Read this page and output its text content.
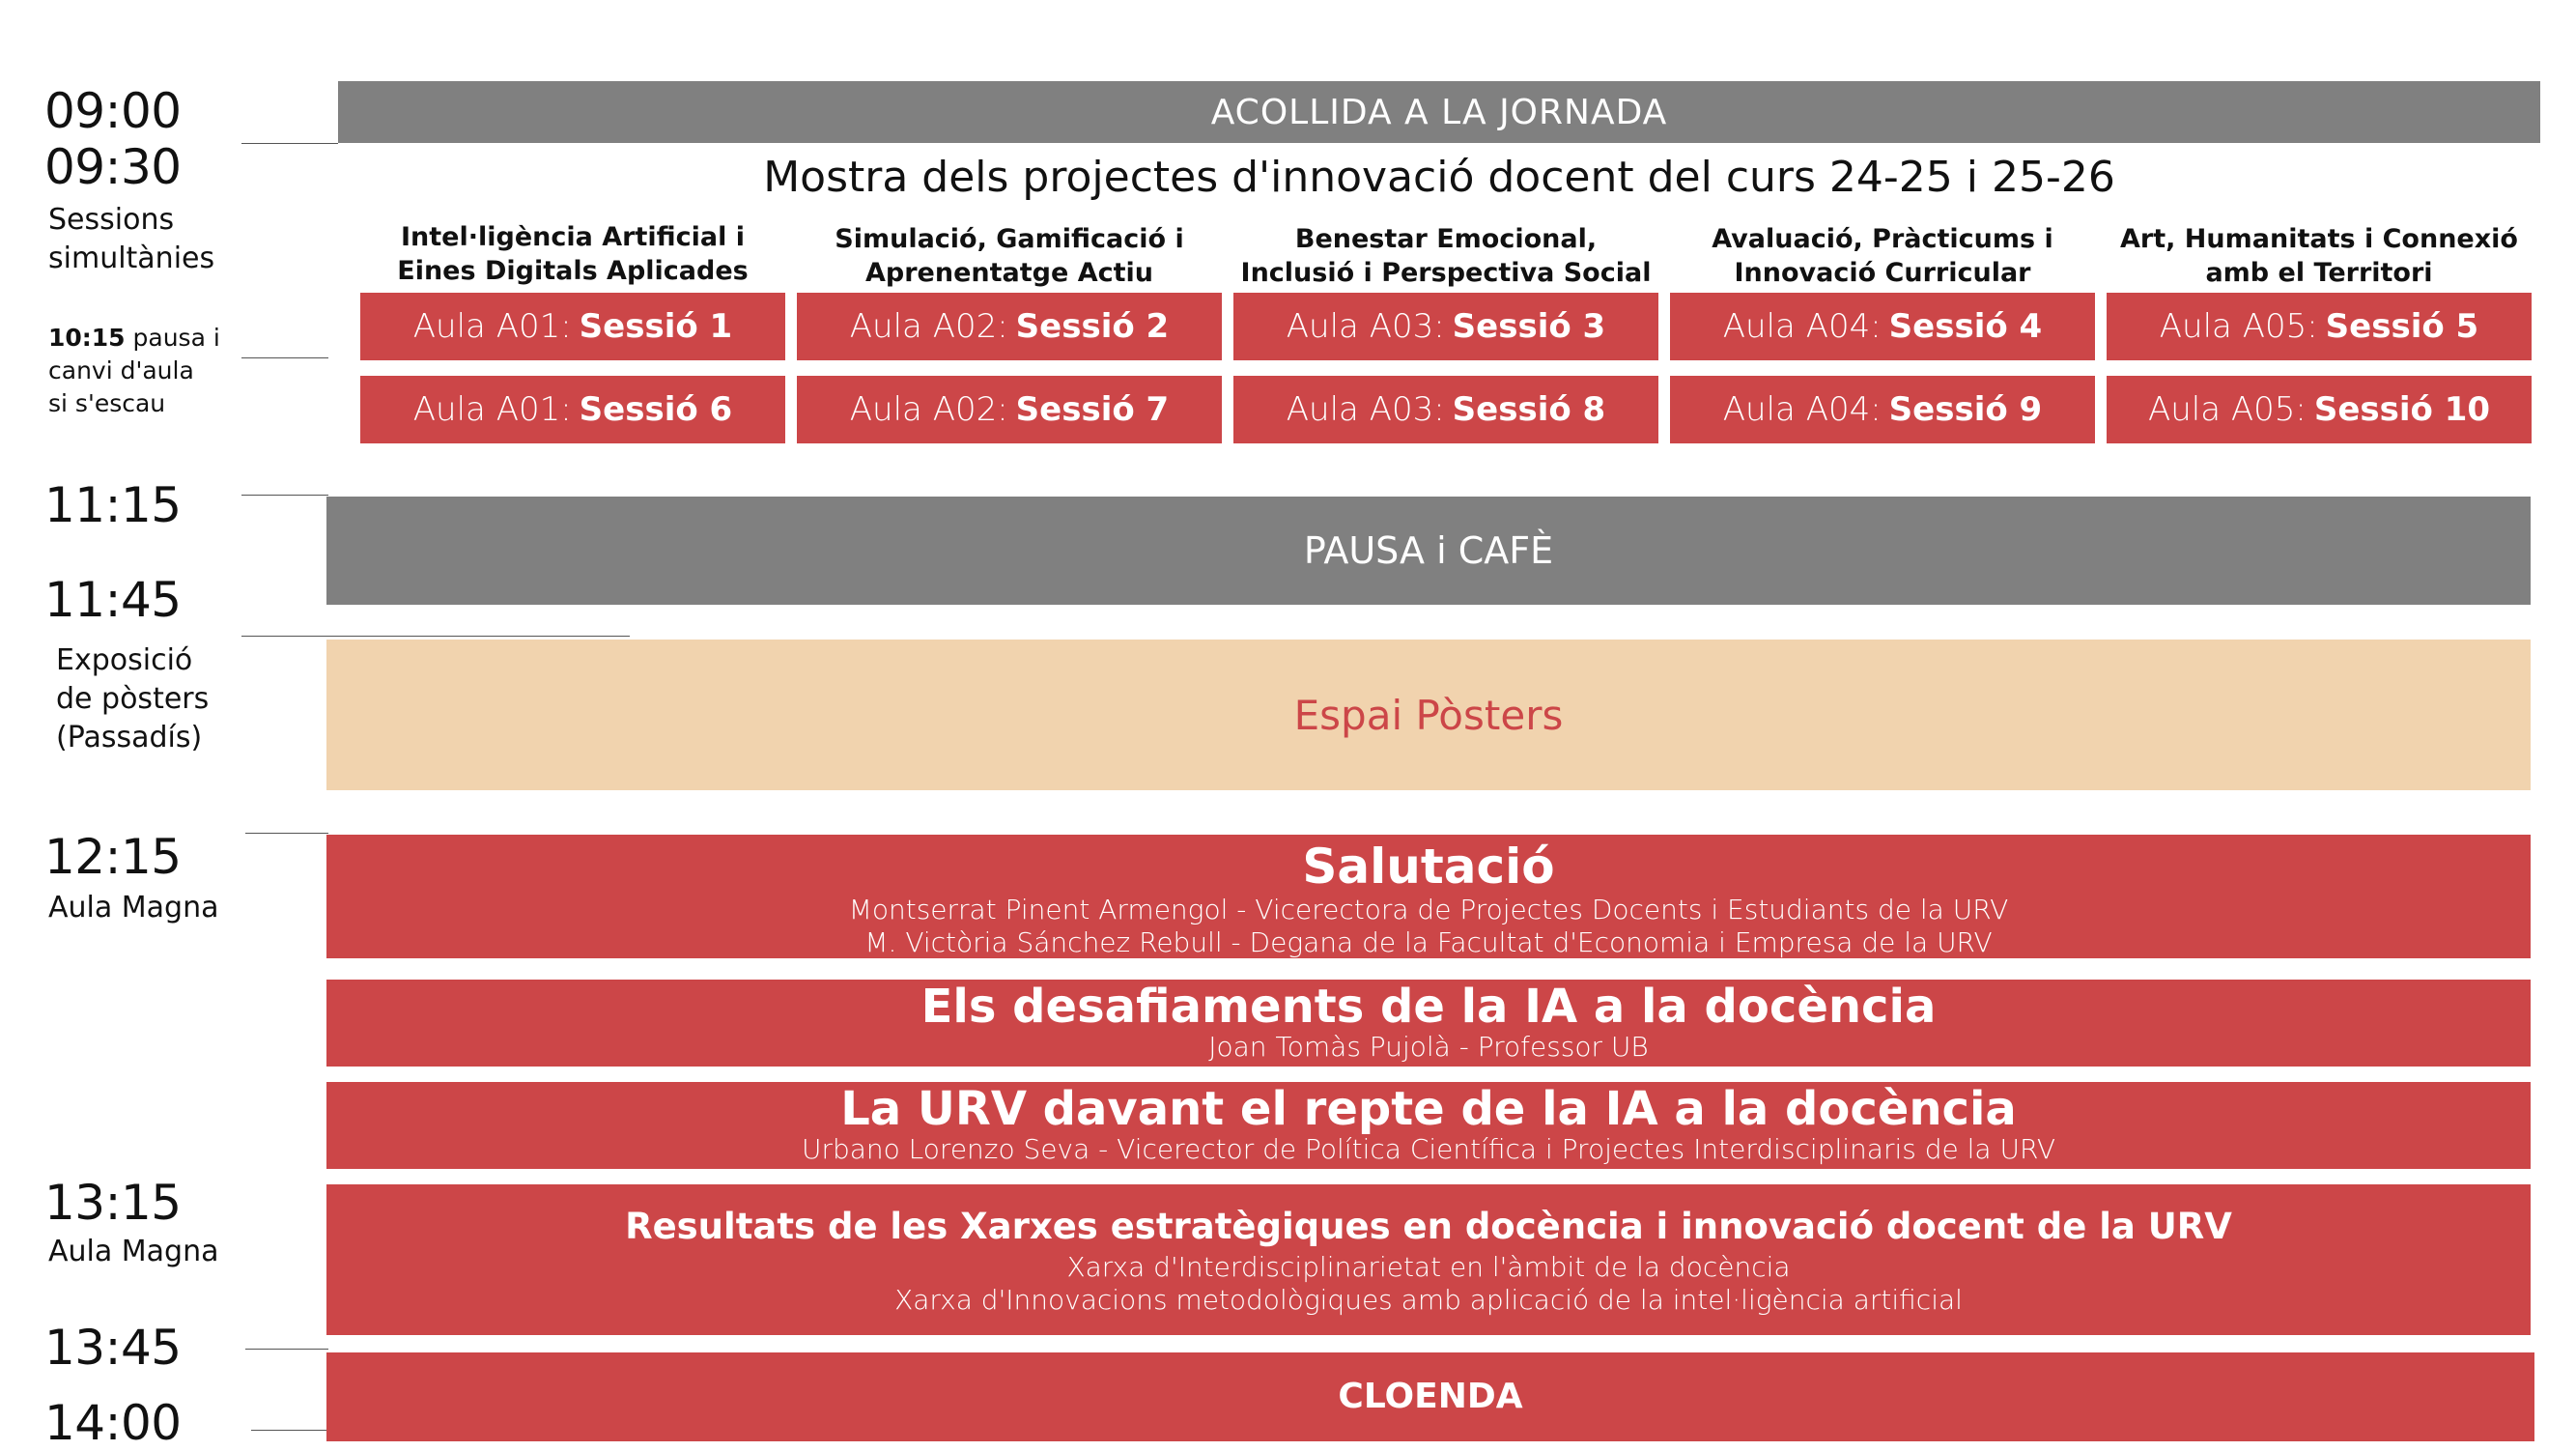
09:00
09:30
Sessions
simultànies
10:15 pausa i
canvi d'aula
si s'escau
11:15
11:45
Exposició
de pòsters
(Passadís)
12:15
Aula Magna
13:15
Aula Magna
13:45
14:00
ACOLLIDA A LA JORNADA
Mostra dels projectes d'innovació docent del curs 24-25 i 25-26
Intel·ligència Artificial i
Eines Digitals Aplicades
Simulació, Gamificació i
Aprenentatge Actiu
Benestar Emocional,
Inclusió i Perspectiva Social
Avaluació, Pràcticums i
Innovació Curricular
Art, Humanitats i Connexió
amb el Territori
Aula A01: Sessió 1	Aula A02: Sessió 2	Aula A03: Sessió 3	Aula A04: Sessió 4	Aula A05: Sessió 5
Aula A01: Sessió 6	Aula A02: Sessió 7	Aula A03: Sessió 8	Aula A04: Sessió 9	Aula A05: Sessió 10
PAUSA i CAFÈ
Espai Pòsters
Salutació
Montserrat Pinent Armengol - Vicerectora de Projectes Docents i Estudiants de la URV
M. Victòria Sánchez Rebull - Degana de la Facultat d'Economia i Empresa de la URV
Els desafiaments de la IA a la docència
Joan Tomàs Pujolà - Professor UB
La URV davant el repte de la IA a la docència
Urbano Lorenzo Seva - Vicerector de Política Científica i Projectes Interdisciplinaris de la URV
Resultats de les Xarxes estratègiques en docència i innovació docent de la URV
Xarxa d'Interdisciplinarietat en l'àmbit de la docència
Xarxa d'Innovacions metodològiques amb aplicació de la intel·ligència artificial
CLOENDA
